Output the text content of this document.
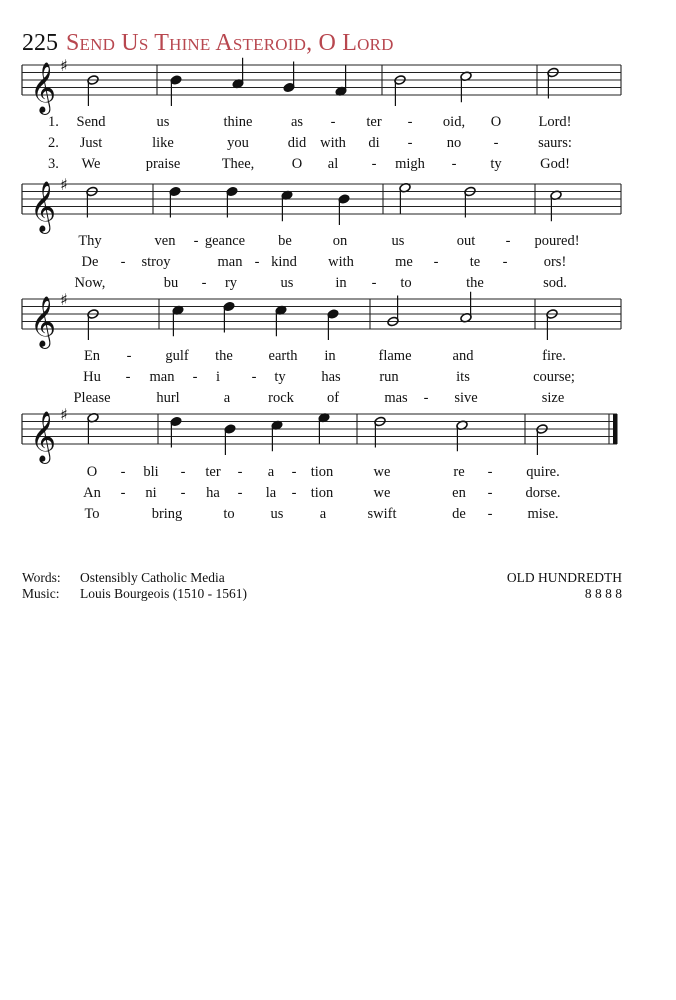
225 Send Us Thine Asteroid, O Lord
𝄞 ♯
1. Send	us	thine	as - ter - oid, O	Lord!
2. Just	like	you	did with di - no -	saurs:
3. We	praise	Thee,	O al - migh - ty	God!
𝄞 ♯
Thy	ven - geance be	on	us	out - poured!
De - stroy	man - kind with	me - te -	ors!
Now,	bu - ry	us	in - to	the	sod.
𝄞 ♯
En - gulf the earth in	flame	and	fire.
Hu - man - i - ty has	run	its	course;
Please	hurl	a	rock of	mas - sive	size
𝄞 ♯
O - bli - ter - a - tion	we	re - quire.
An - ni - ha - la - tion	we	en - dorse.
To	bring	to us	a	swift	de - mise.
Words: Ostensibly Catholic Media
Music: Louis Bourgeois (1510 - 1561)
OLD HUNDREDTH
8 8 8 8
